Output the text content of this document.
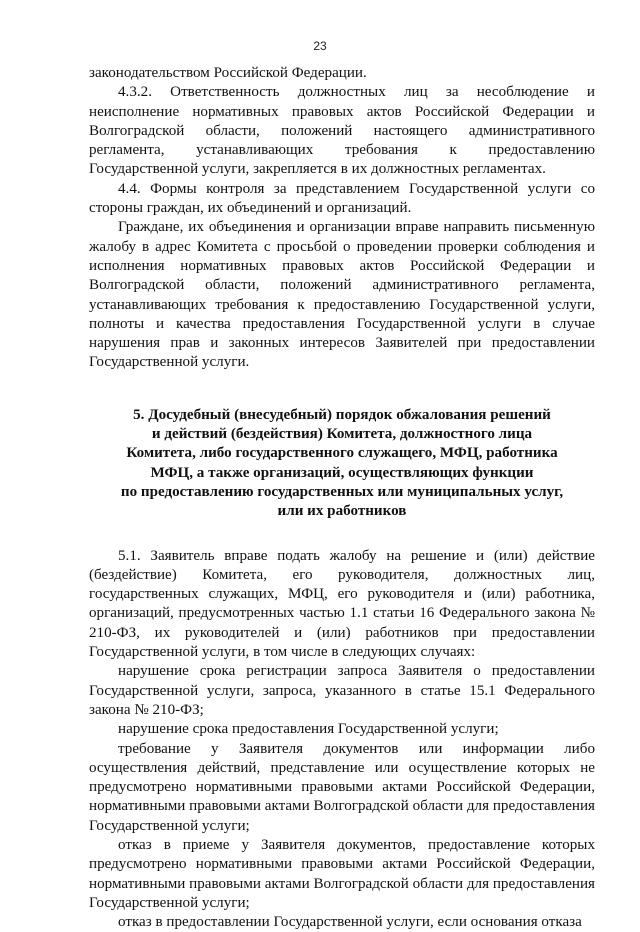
23

законодательством Российской Федерации.

4.3.2. Ответственность должностных лиц за несоблюдение и неисполнение нормативных правовых актов Российской Федерации и Волгоградской области, положений настоящего административного регламента, устанавливающих требования к предоставлению Государственной услуги, закрепляется в их должностных регламентах.

4.4. Формы контроля за представлением Государственной услуги со стороны граждан, их объединений и организаций.

Граждане, их объединения и организации вправе направить письменную жалобу в адрес Комитета с просьбой о проведении проверки соблюдения и исполнения нормативных правовых актов Российской Федерации и Волгоградской области, положений административного регламента, устанавливающих требования к предоставлению Государственной услуги, полноты и качества предоставления Государственной услуги в случае нарушения прав и законных интересов Заявителей при предоставлении Государственной услуги.

5. Досудебный (внесудебный) порядок обжалования решений
и действий (бездействия) Комитета, должностного лица
Комитета, либо государственного служащего, МФЦ, работника
МФЦ, а также организаций, осуществляющих функции
по предоставлению государственных или муниципальных услуг,
или их работников

5.1. Заявитель вправе подать жалобу на решение и (или) действие (бездействие) Комитета, его руководителя, должностных лиц, государственных служащих, МФЦ, его руководителя и (или) работника, организаций, предусмотренных частью 1.1 статьи 16 Федерального закона № 210-ФЗ, их руководителей и (или) работников при предоставлении Государственной услуги, в том числе в следующих случаях:

нарушение срока регистрации запроса Заявителя о предоставлении Государственной услуги, запроса, указанного в статье 15.1 Федерального закона № 210-ФЗ;

нарушение срока предоставления Государственной услуги;

требование у Заявителя документов или информации либо осуществления действий, представление или осуществление которых не предусмотрено нормативными правовыми актами Российской Федерации, нормативными правовыми актами Волгоградской области для предоставления Государственной услуги;

отказ в приеме у Заявителя документов, предоставление которых предусмотрено нормативными правовыми актами Российской Федерации, нормативными правовыми актами Волгоградской области для предоставления Государственной услуги;

отказ в предоставлении Государственной услуги, если основания отказа
